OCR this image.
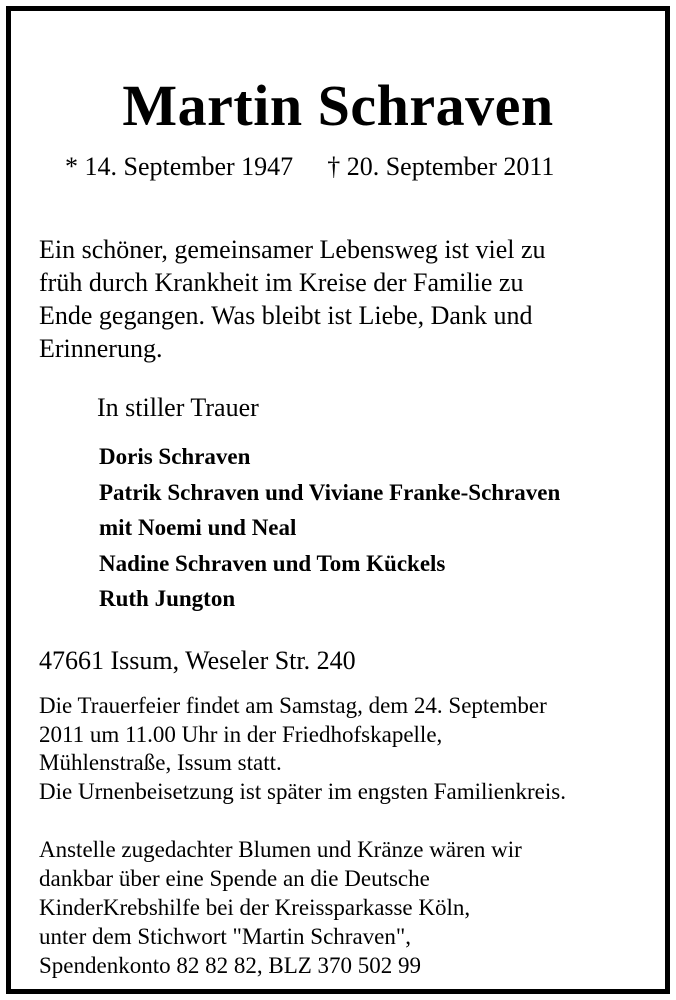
Martin Schraven
* 14. September 1947 † 20. September 2011
Ein schöner, gemeinsamer Lebensweg ist viel zu
früh durch Krankheit im Kreise der Familie zu
Ende gegangen. Was bleibt ist Liebe, Dank und
Erinnerung.
In stiller Trauer
Doris Schraven
Patrik Schraven und Viviane Franke-Schraven
mit Noemi und Neal
Nadine Schraven und Tom Kückels
Ruth Jungton
47661 Issum, Weseler Str. 240
Die Trauerfeier findet am Samstag, dem 24. September
2011 um 11.00 Uhr in der Friedhofskapelle,
Mühlenstraße, Issum statt.
Die Urnenbeisetzung ist später im engsten Familienkreis.
Anstelle zugedachter Blumen und Kränze wären wir
dankbar über eine Spende an die Deutsche
KinderKrebshilfe bei der Kreissparkasse Köln,
unter dem Stichwort "Martin Schraven",
Spendenkonto 82 82 82, BLZ 370 502 99
